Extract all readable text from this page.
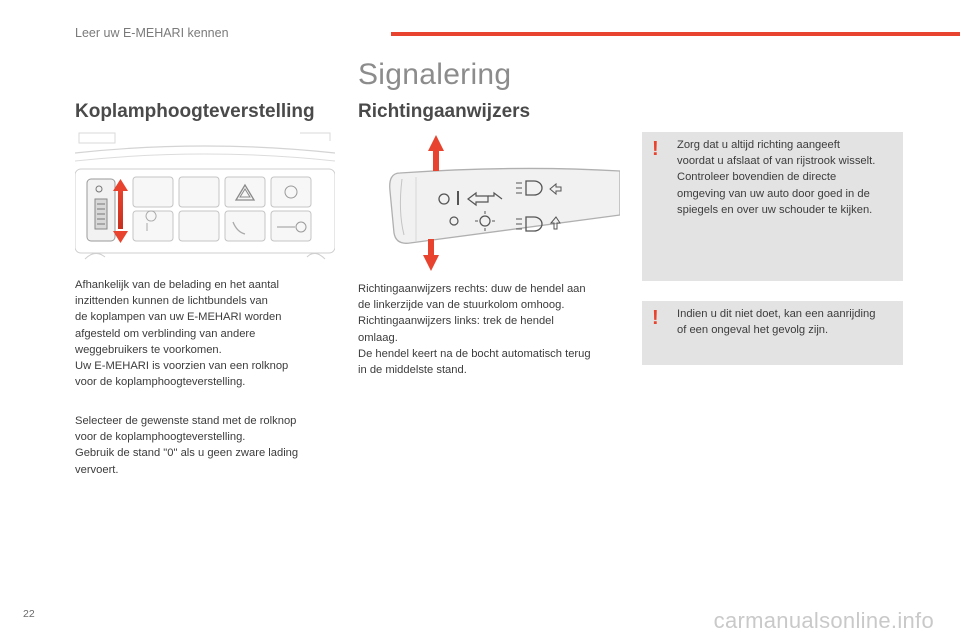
Leer uw E-MEHARI kennen
Signalering
Koplamphoogteverstelling Richtingaanwijzers
Afhankelijk van de belading en het aantal
inzittenden kunnen de lichtbundels van
de koplampen van uw E-MEHARI worden
afgesteld om verblinding van andere
weggebruikers te voorkomen.
Uw E-MEHARI is voorzien van een rolknop
voor de koplamphoogteverstelling.
Selecteer de gewenste stand met de rolknop
voor de koplamphoogteverstelling.
Gebruik de stand "0" als u geen zware lading
vervoert.
Richtingaanwijzers rechts: duw de hendel aan
de linkerzijde van de stuurkolom omhoog.
Richtingaanwijzers links: trek de hendel
omlaag.
De hendel keert na de bocht automatisch terug
in de middelste stand.
! Zorg dat u altijd richting aangeeft
voordat u afslaat of van rijstrook wisselt.
Controleer bovendien de directe
omgeving van uw auto door goed in de
spiegels en over uw schouder te kijken.
! Indien u dit niet doet, kan een aanrijding
of een ongeval het gevolg zijn.
22	carmanualsonline.info
